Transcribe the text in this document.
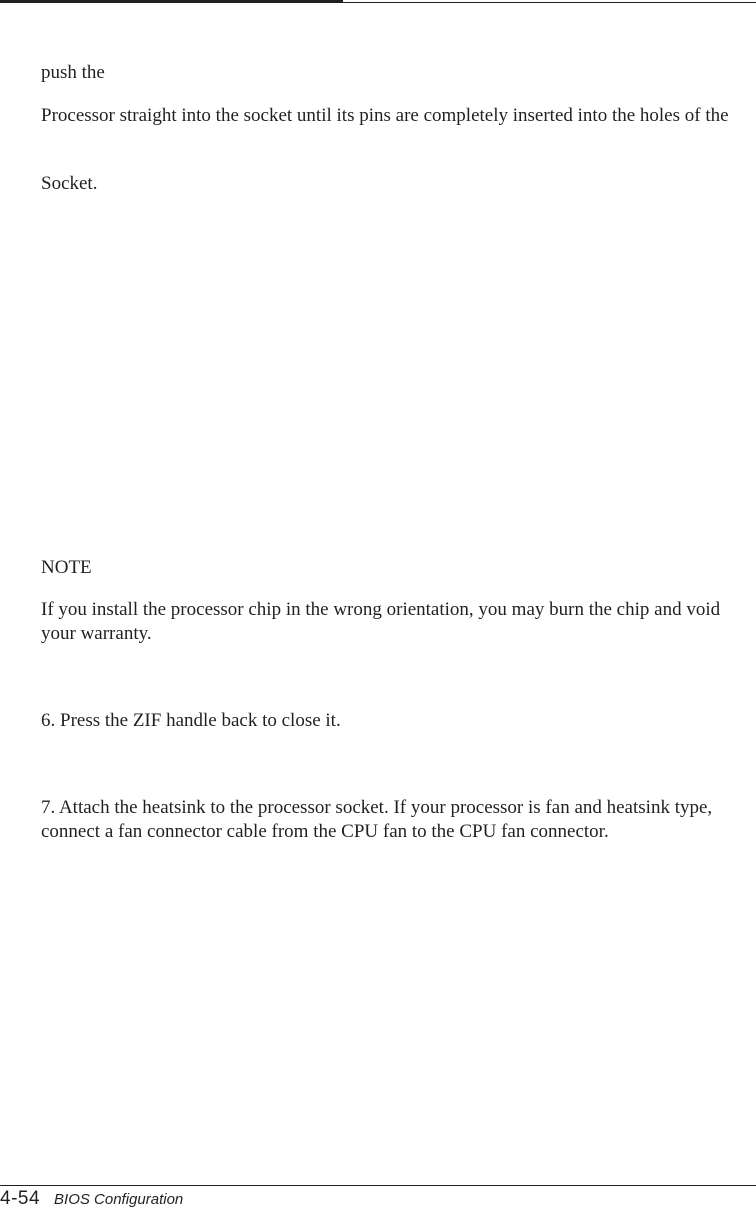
push the

Processor straight into the socket until its pins are completely inserted into the holes of the

Socket.

NOTE

If you install the processor chip in the wrong orientation, you may burn the chip and void your warranty.

6. Press the ZIF handle back to close it.

7. Attach the heatsink to the processor socket. If your processor is fan and heatsink type, connect a fan connector cable from the CPU fan to the CPU fan connector.

4-54 BIOS Configuration
